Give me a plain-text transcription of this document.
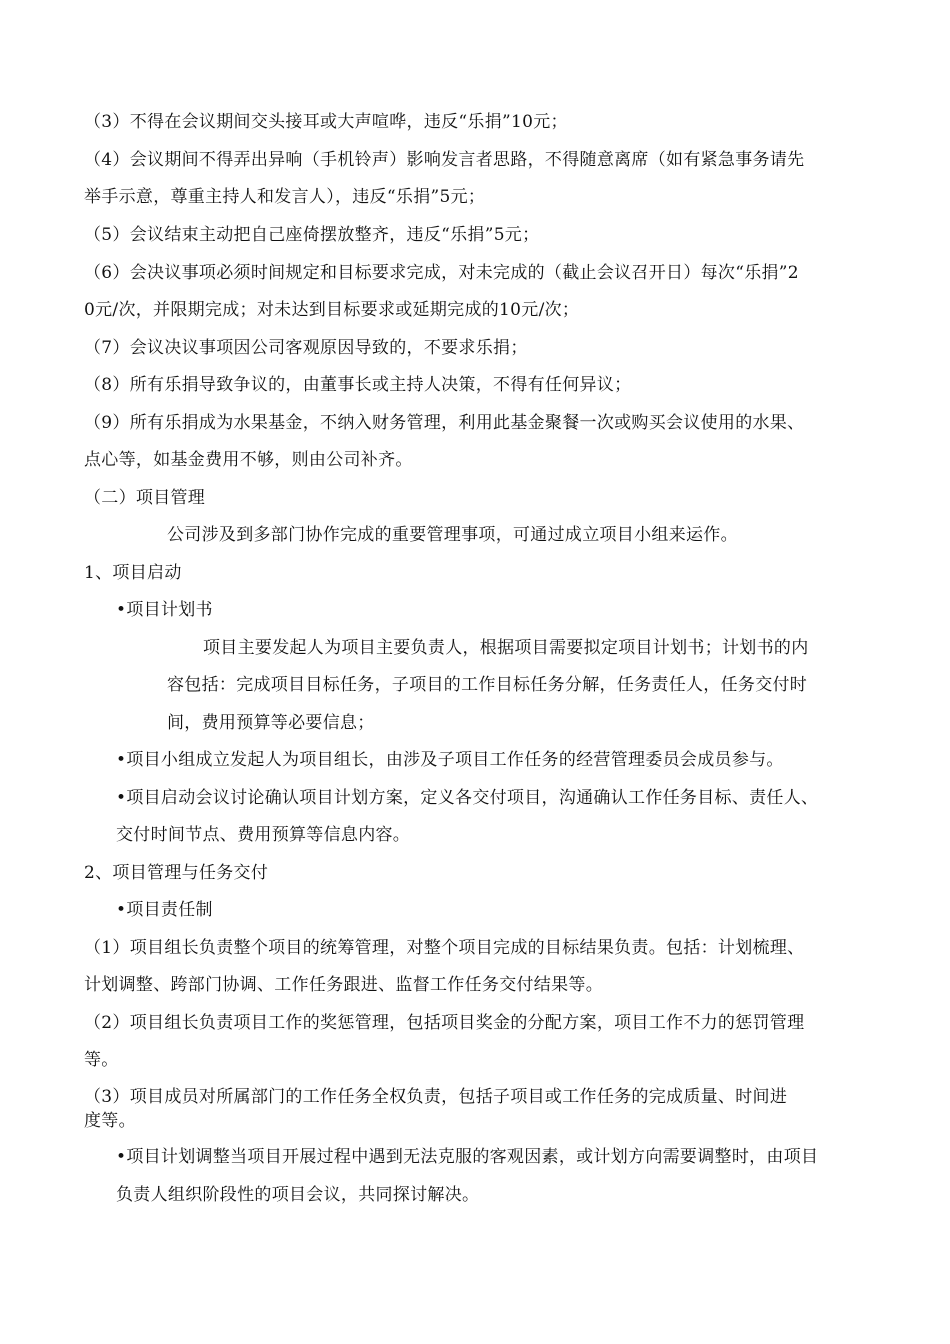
（3）不得在会议期间交头接耳或大声喧哗，违反“乐捐”10元；
（4）会议期间不得弄出异响（手机铃声）影响发言者思路，不得随意离席（如有紧急事务请先
举手示意，尊重主持人和发言人），违反“乐捐”5元；
（5）会议结束主动把自己座倚摆放整齐，违反“乐捐”5元；
（6）会决议事项必须时间规定和目标要求完成，对未完成的（截止会议召开日）每次“乐捐”2
0元/次，并限期完成；对未达到目标要求或延期完成的10元/次；
（7）会议决议事项因公司客观原因导致的，不要求乐捐；
（8）所有乐捐导致争议的，由董事长或主持人决策，不得有任何异议；
（9）所有乐捐成为水果基金，不纳入财务管理，利用此基金聚餐一次或购买会议使用的水果、
点心等，如基金费用不够，则由公司补齐。
（二）项目管理
公司涉及到多部门协作完成的重要管理事项，可通过成立项目小组来运作。
1、项目启动
•项目计划书
项目主要发起人为项目主要负责人，根据项目需要拟定项目计划书；计划书的内
容包括：完成项目目标任务，子项目的工作目标任务分解，任务责任人，任务交付时
间，费用预算等必要信息；
•项目小组成立发起人为项目组长，由涉及子项目工作任务的经营管理委员会成员参与。
•项目启动会议讨论确认项目计划方案，定义各交付项目，沟通确认工作任务目标、责任人、
交付时间节点、费用预算等信息内容。
2、项目管理与任务交付
•项目责任制
（1）项目组长负责整个项目的统筹管理，对整个项目完成的目标结果负责。包括：计划梳理、
计划调整、跨部门协调、工作任务跟进、监督工作任务交付结果等。
（2）项目组长负责项目工作的奖惩管理，包括项目奖金的分配方案，项目工作不力的惩罚管理
等。
（3）项目成员对所属部门的工作任务全权负责，包括子项目或工作任务的完成质量、时间进
度等。
•项目计划调整当项目开展过程中遇到无法克服的客观因素，或计划方向需要调整时，由项目
负责人组织阶段性的项目会议，共同探讨解决。
